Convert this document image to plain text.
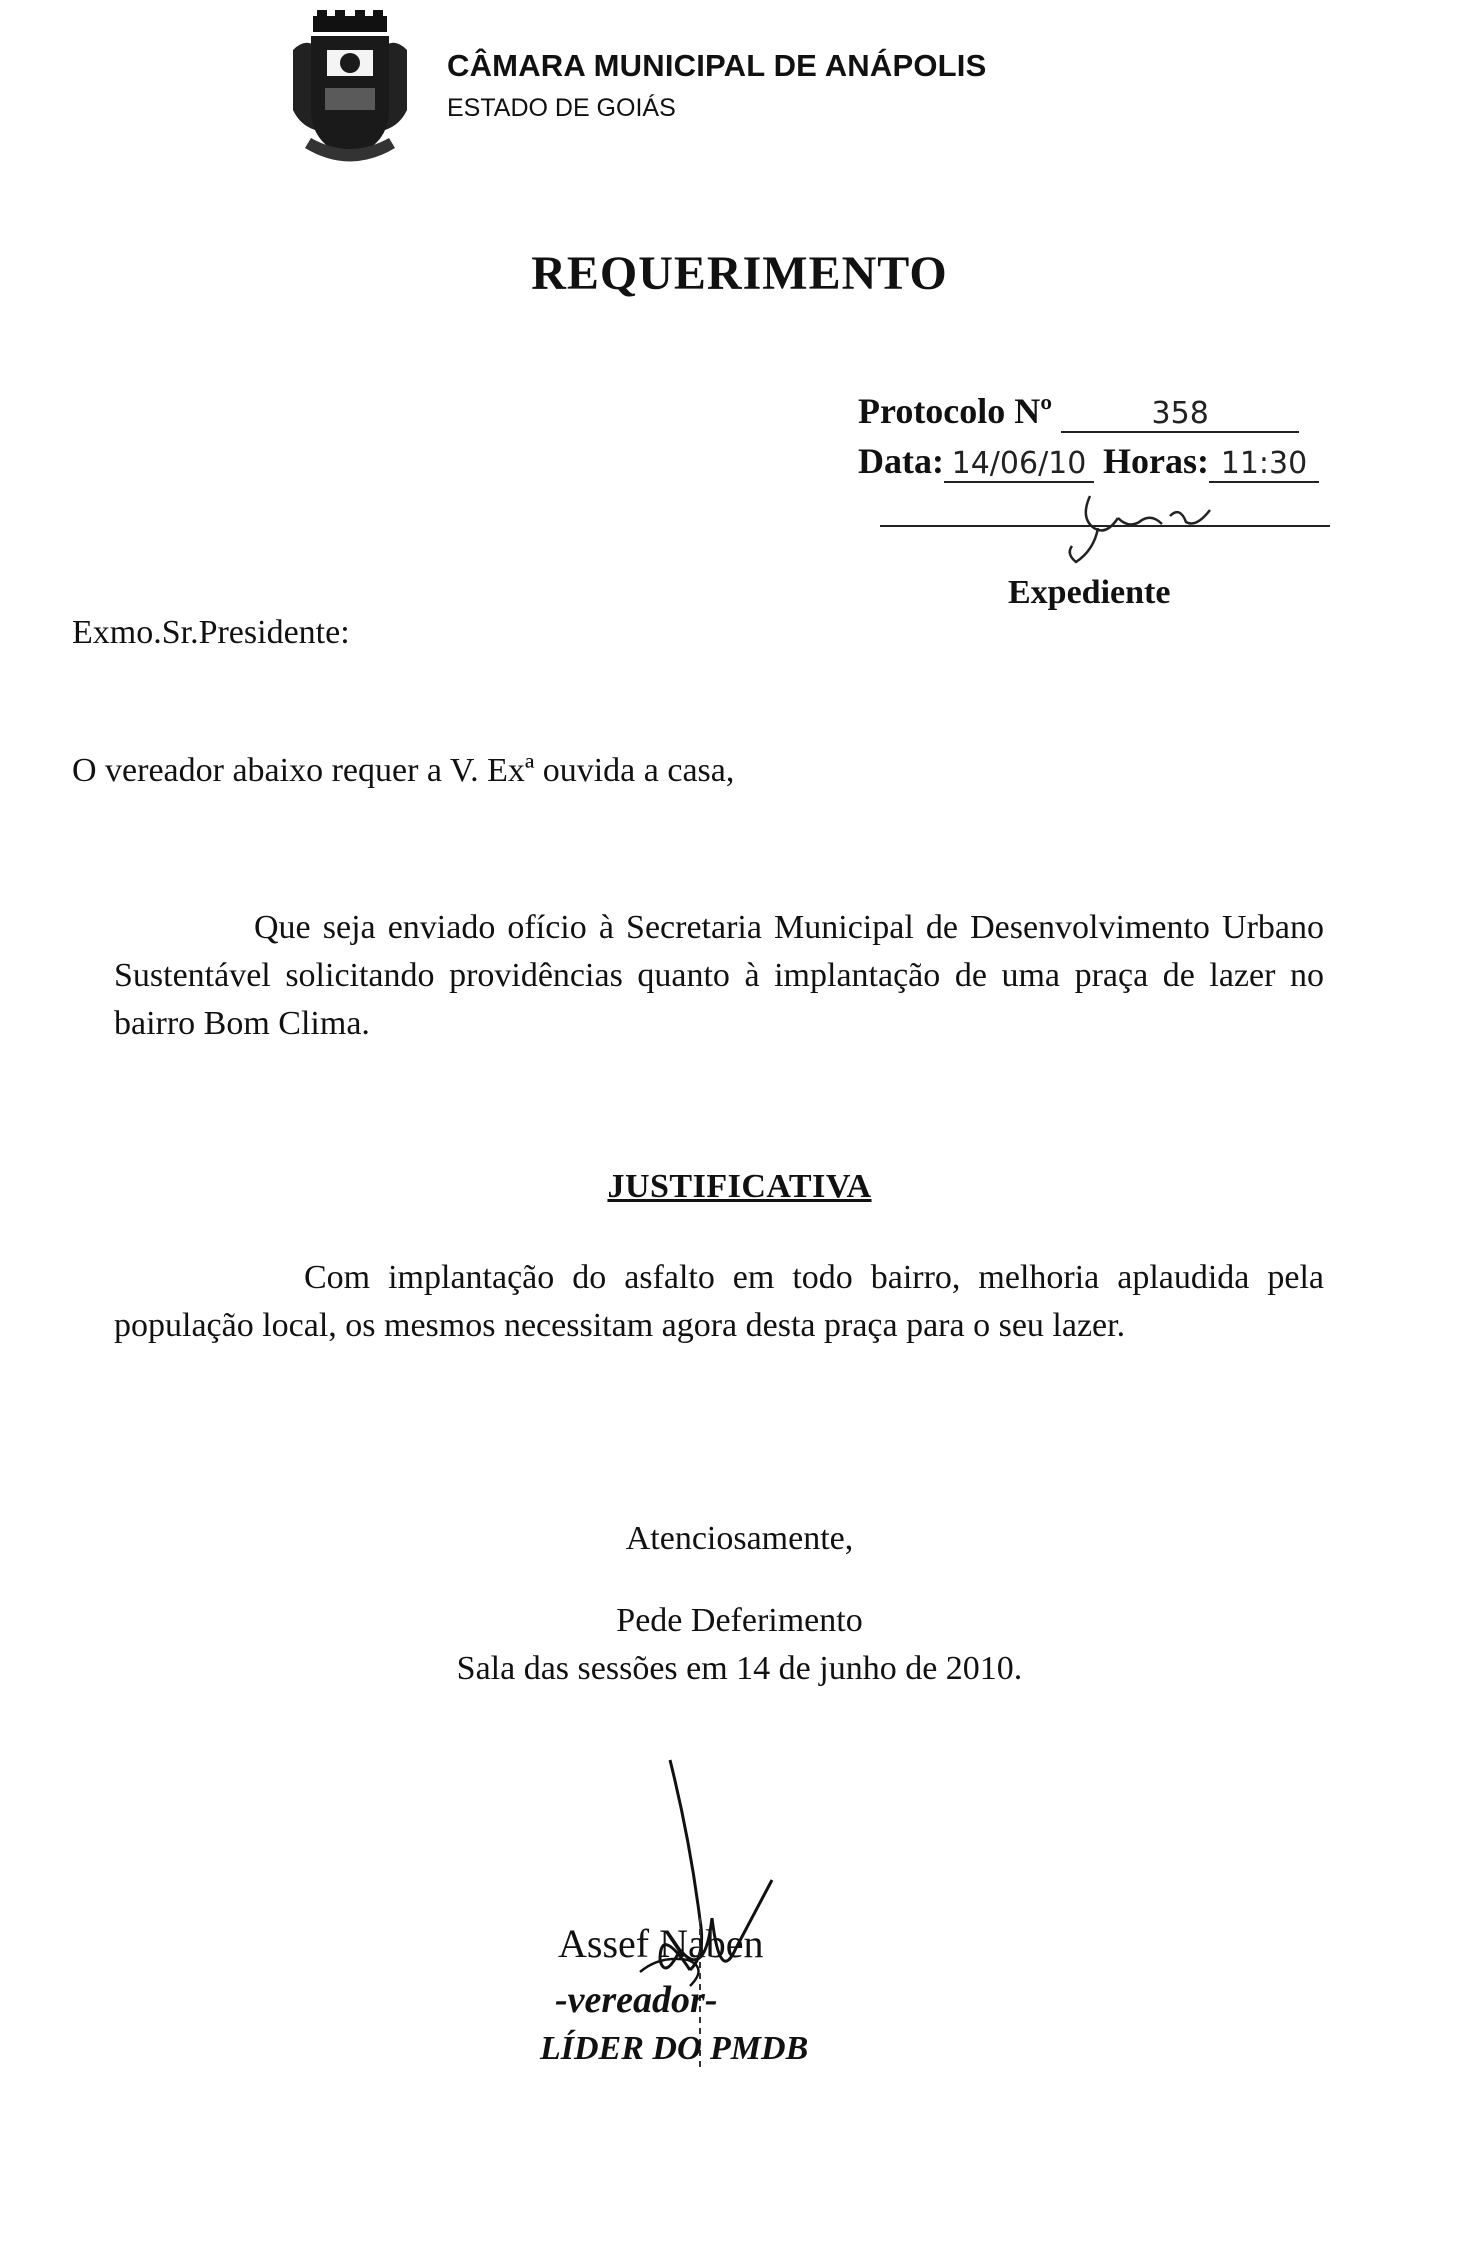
CÂMARA MUNICIPAL DE ANÁPOLIS
ESTADO DE GOIÁS
REQUERIMENTO
Protocolo Nº	358
Data: 14/06/10 Horas: 11:30
Expediente
Exmo.Sr.Presidente:
O vereador abaixo requer a V. Exª ouvida a casa,
Que seja enviado ofício à Secretaria Municipal de Desenvolvimento Urbano Sustentável solicitando providências quanto à implantação de uma praça de lazer no bairro Bom Clima.
JUSTIFICATIVA
Com implantação do asfalto em todo bairro, melhoria aplaudida pela população local, os mesmos necessitam agora desta praça para o seu lazer.
Atenciosamente,
Pede Deferimento
Sala das sessões em 14 de junho de 2010.
Assef Naben
-vereador-
LÍDER DO PMDB
